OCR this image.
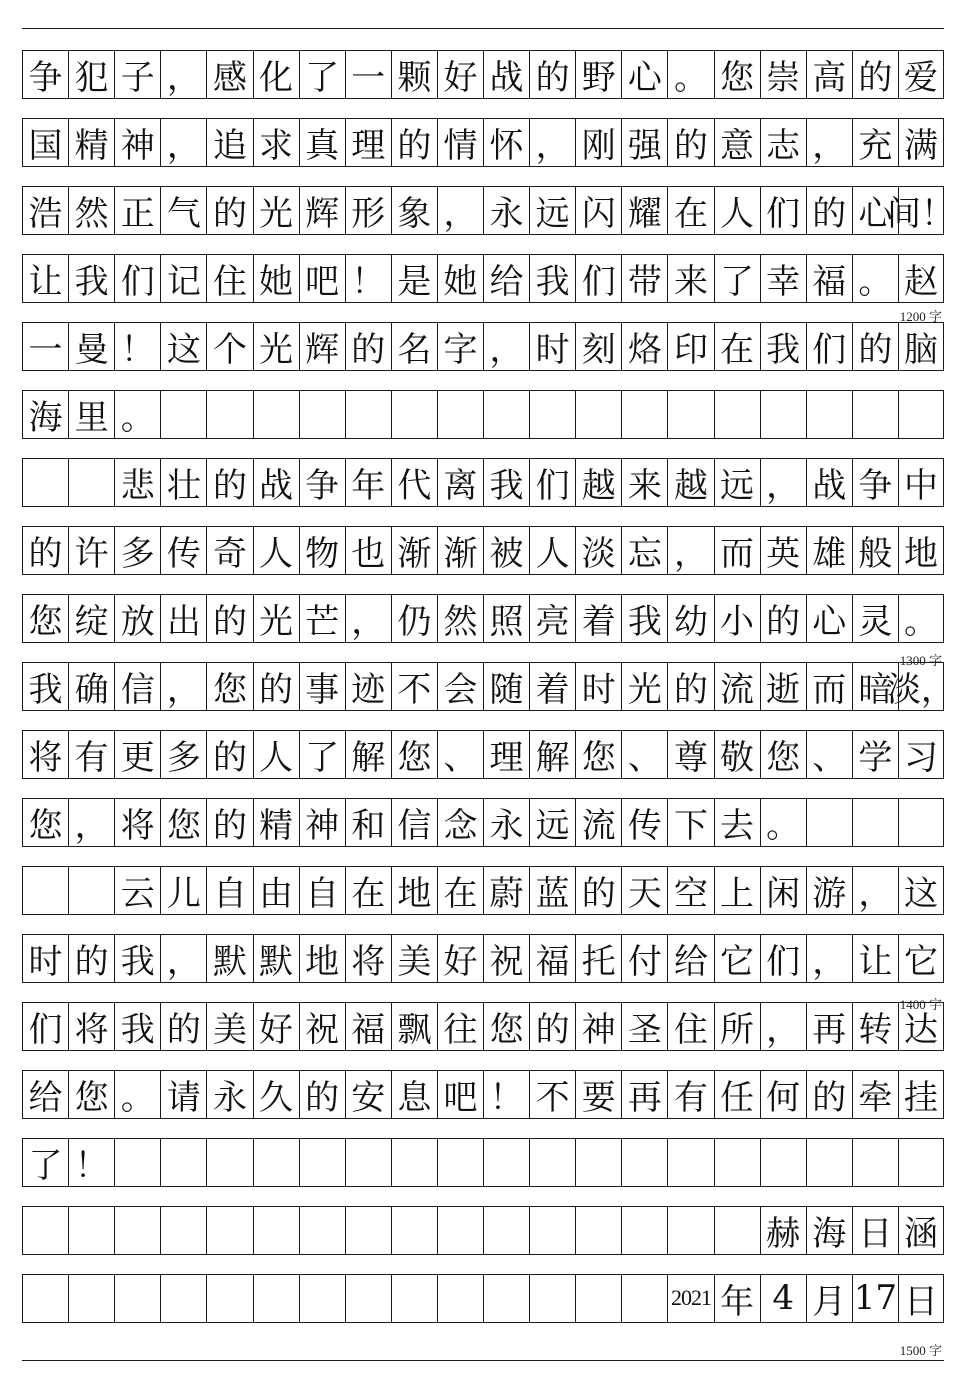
争 犯 子 ， 感 化 了 一 颗 好 战 的 野 心 。 您 崇 高 的 爱
国 精 神 ， 追 求 真 理 的 情 怀 ， 刚 强 的 意 志 ， 充 满
浩 然 正 气 的 光 辉 形 象 ， 永 远 闪 耀 在 人 们 的 心
间！
让 我 们 记 住 她 吧 ！ 是 她 给 我 们 带 来 了 幸 福 。 赵
一 曼 ！ 这 个 光 辉 的 名 字 ， 时 刻 烙 印 在 我 们 的 脑
海 里 。
悲 壮 的 战 争 年 代 离 我 们 越 来 越 远 ， 战 争 中
的 许 多 传 奇 人 物 也 渐 渐 被 人 淡 忘 ， 而 英 雄 般 地
您 绽 放 出 的 光 芒 ， 仍 然 照 亮 着 我 幼 小 的 心 灵 。
我 确 信 ， 您 的 事 迹 不 会 随 着 时 光 的 流 逝 而 暗
淡，
将 有 更 多 的 人 了 解 您 、 理 解 您 、 尊 敬 您 、 学 习
您 ， 将 您 的 精 神 和 信 念 永 远 流 传 下 去 。
云 儿 自 由 自 在 地 在 蔚 蓝 的 天 空 上 闲 游 ， 这
时 的 我 ， 默 默 地 将 美 好 祝 福 托 付 给 它 们 ， 让 它
们 将 我 的 美 好 祝 福 飘 往 您 的 神 圣 住 所 ， 再 转 达
给 您 。 请 永 久 的 安 息 吧 ！ 不 要 再 有 任 何 的 牵 挂
了 ！
赫 海 日 涵
2021 年 4 月 17 日
1200 字
1300 字
1400 字
1500 字
